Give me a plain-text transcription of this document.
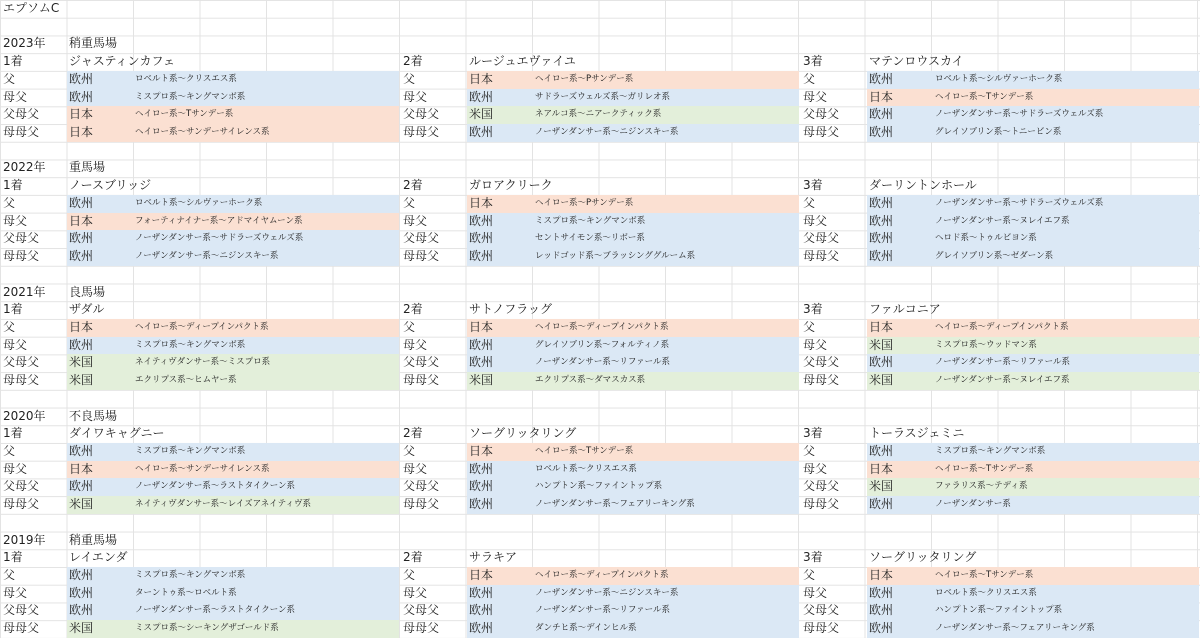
エプソムC
2023年	稍重馬場
1着	ジャスティンカフェ	2着	ルージュエヴァイユ	3着	マテンロウスカイ
父	欧州	ロベルト系〜クリスエス系	父	日本	ヘイロー系〜Pサンデー系	父	欧州	ロベルト系〜シルヴァーホーク系
母父	欧州	ミスプロ系〜キングマンボ系	母父	欧州	サドラーズウェルズ系〜ガリレオ系	母父	日本	ヘイロー系〜Tサンデー系
父母父	日本	ヘイロー系〜Tサンデー系	父母父	米国	ネアルコ系〜ニアークティック系	父母父	欧州	ノーザンダンサー系〜サドラーズウェルズ系
母母父	日本	ヘイロー系〜サンデーサイレンス系	母母父	欧州	ノーザンダンサー系〜ニジンスキー系	母母父	欧州	グレイソブリン系〜トニービン系
2022年	重馬場
1着	ノースブリッジ	2着	ガロアクリーク	3着	ダーリントンホール
父	欧州	ロベルト系〜シルヴァーホーク系	父	日本	ヘイロー系〜Pサンデー系	父	欧州	ノーザンダンサー系〜サドラーズウェルズ系
母父	日本	フォーティナイナー系〜アドマイヤムーン系	母父	欧州	ミスプロ系〜キングマンボ系	母父	欧州	ノーザンダンサー系〜ヌレイエフ系
父母父	欧州	ノーザンダンサー系〜サドラーズウェルズ系	父母父	欧州	セントサイモン系〜リボー系	父母父	欧州	ヘロド系〜トゥルビヨン系
母母父	欧州	ノーザンダンサー系〜ニジンスキー系	母母父	欧州	レッドゴッド系〜ブラッシンググルーム系	母母父	欧州	グレイソブリン系〜ゼダーン系
2021年	良馬場
1着	ザダル	2着	サトノフラッグ	3着	ファルコニア
父	日本	ヘイロー系〜ディープインパクト系	父	日本	ヘイロー系〜ディープインパクト系	父	日本	ヘイロー系〜ディープインパクト系
母父	欧州	ミスプロ系〜キングマンボ系	母父	欧州	グレイソブリン系〜フォルティノ系	母父	米国	ミスプロ系〜ウッドマン系
父母父	米国	ネイティヴダンサー系〜ミスプロ系	父母父	欧州	ノーザンダンサー系〜リファール系	父母父	欧州	ノーザンダンサー系〜リファール系
母母父	米国	エクリプス系〜ヒムヤー系	母母父	米国	エクリプス系〜ダマスカス系	母母父	米国	ノーザンダンサー系〜ヌレイエフ系
2020年	不良馬場
1着	ダイワキャグニー	2着	ソーグリッタリング	3着	トーラスジェミニ
父	欧州	ミスプロ系〜キングマンボ系	父	日本	ヘイロー系〜Tサンデー系	父	欧州	ミスプロ系〜キングマンボ系
母父	日本	ヘイロー系〜サンデーサイレンス系	母父	欧州	ロベルト系〜クリスエス系	母父	日本	ヘイロー系〜Tサンデー系
父母父	欧州	ノーザンダンサー系〜ラストタイクーン系	父母父	欧州	ハンプトン系〜ファイントップ系	父母父	米国	ファラリス系〜テディ系
母母父	米国	ネイティヴダンサー系〜レイズアネイティヴ系	母母父	欧州	ノーザンダンサー系〜フェアリーキング系	母母父	欧州	ノーザンダンサー系
2019年	稍重馬場
1着	レイエンダ	2着	サラキア	3着	ソーグリッタリング
父	欧州	ミスプロ系〜キングマンボ系	父	日本	ヘイロー系〜ディープインパクト系	父	日本	ヘイロー系〜Tサンデー系
母父	欧州	ターントゥ系〜ロベルト系	母父	欧州	ノーザンダンサー系〜ニジンスキー系	母父	欧州	ロベルト系〜クリスエス系
父母父	欧州	ノーザンダンサー系〜ラストタイクーン系	父母父	欧州	ノーザンダンサー系〜リファール系	父母父	欧州	ハンプトン系〜ファイントップ系
母母父	米国	ミスプロ系〜シーキングザゴールド系	母母父	欧州	ダンチヒ系〜デインヒル系	母母父	欧州	ノーザンダンサー系〜フェアリーキング系
